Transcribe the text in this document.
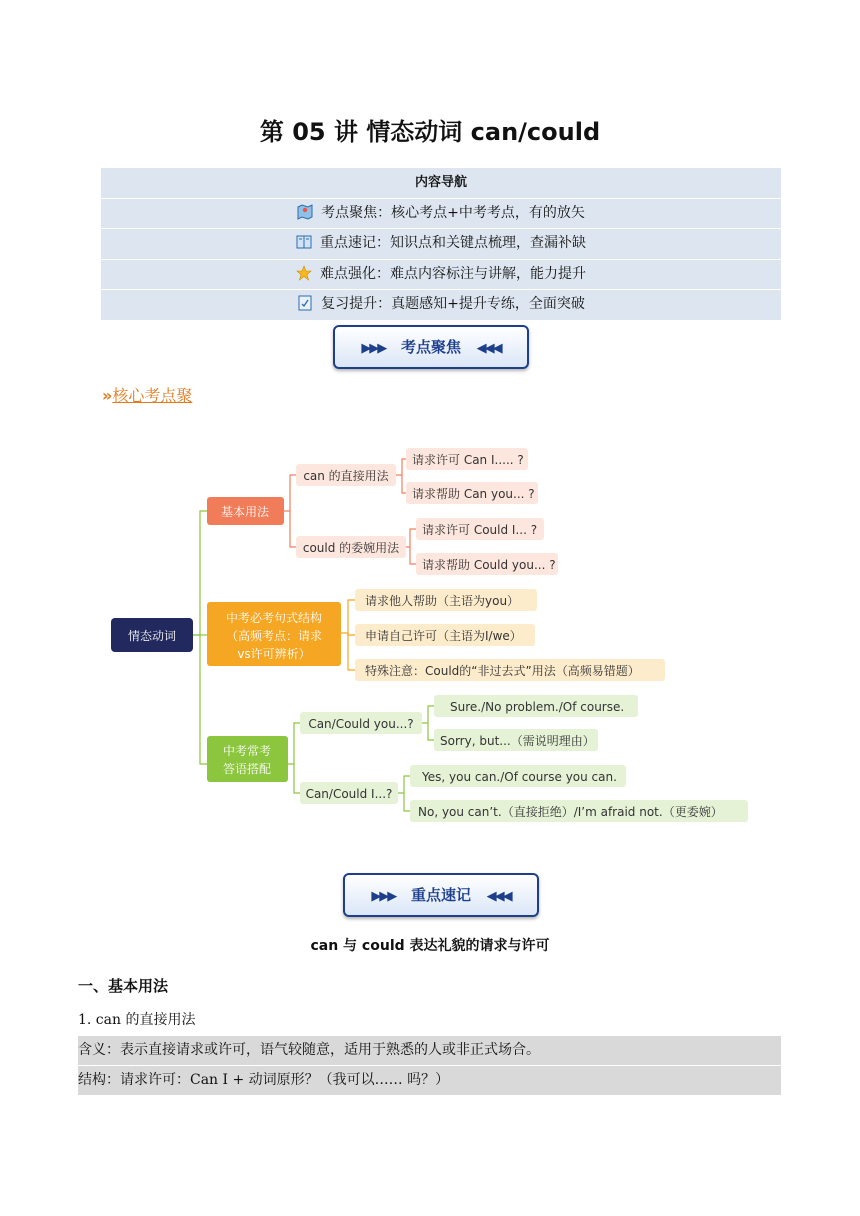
第 05 讲 情态动词 can/could
内容导航
考点聚焦：核心考点+中考考点，有的放矢
重点速记：知识点和关键点梳理，查漏补缺
难点强化：难点内容标注与讲解，能力提升
复习提升：真题感知+提升专练，全面突破
▶▶▶ 考点聚焦 ◀◀◀
»核心考点聚
情态动词
基本用法
can 的直接用法
请求许可 Can I..... ?
请求帮助 Can you... ?
could 的委婉用法
请求许可 Could I... ?
请求帮助 Could you... ?
中考必考句式结构
（高频考点：请求
vs许可辨析）
请求他人帮助（主语为you）
申请自己许可（主语为I/we）
特殊注意：Could的“非过去式”用法（高频易错题）
中考常考
答语搭配
Can/Could you...?
Sure./No problem./Of course.
Sorry, but...（需说明理由）
Can/Could I...?
Yes, you can./Of course you can.
No, you can’t.（直接拒绝）/I’m afraid not.（更委婉）
▶▶▶ 重点速记 ◀◀◀
can 与 could 表达礼貌的请求与许可
一、基本用法
1. can 的直接用法
含义：表示直接请求或许可，语气较随意，适用于熟悉的人或非正式场合。
结构：请求许可：Can I + 动词原形？（我可以…… 吗？）
